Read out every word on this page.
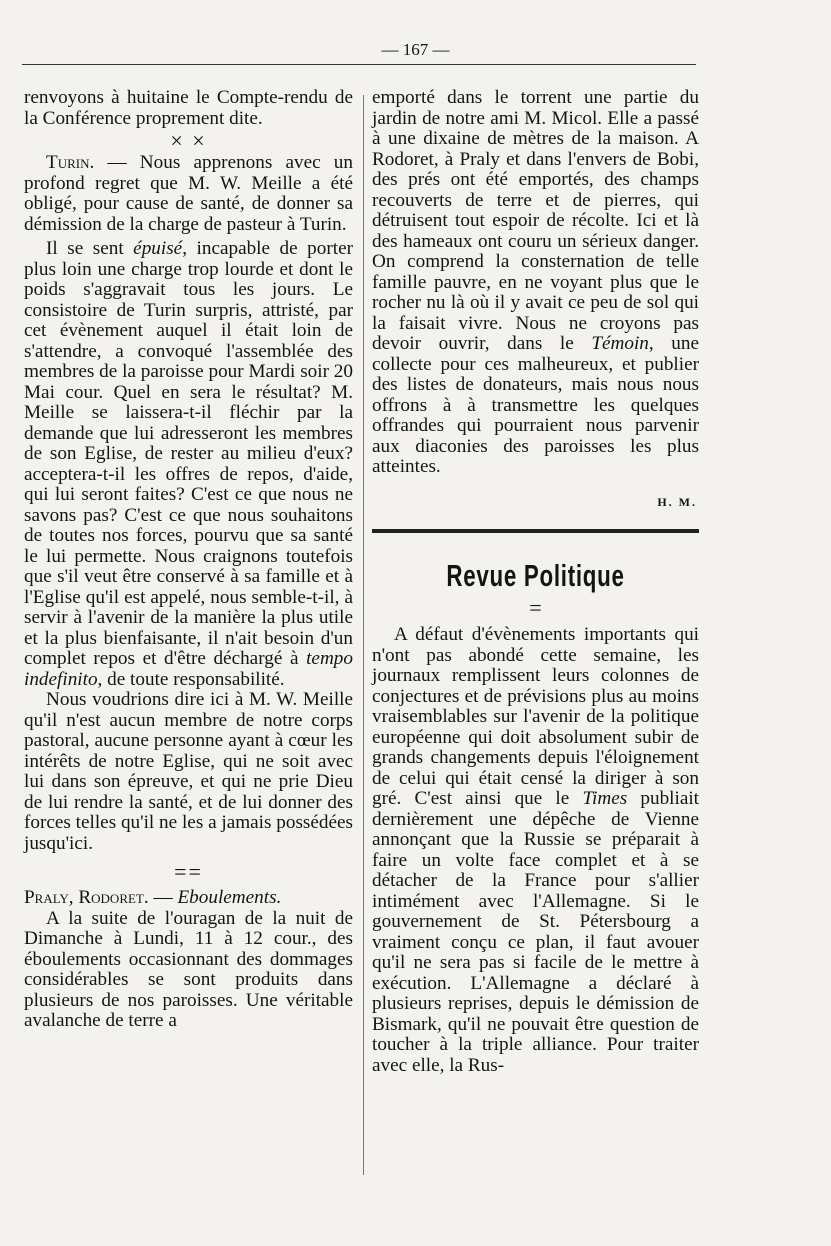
— 167 —

renvoyons à huitaine le Compte-rendu de la Conférence proprement dite.

× ×

Turin. — Nous apprenons avec un profond regret que M. W. Meille a été obligé, pour cause de santé, de donner sa démission de la charge de pasteur à Turin.

Il se sent épuisé, incapable de porter plus loin une charge trop lourde et dont le poids s'aggravait tous les jours. Le consistoire de Turin surpris, attristé, par cet évènement auquel il était loin de s'attendre, a convoqué l'assemblée des membres de la paroisse pour Mardi soir 20 Mai cour. Quel en sera le résultat? M. Meille se laissera-t-il fléchir par la demande que lui adresseront les membres de son Eglise, de rester au milieu d'eux? acceptera-t-il les offres de repos, d'aide, qui lui seront faites? C'est ce que nous ne savons pas? C'est ce que nous souhaitons de toutes nos forces, pourvu que sa santé le lui permette. Nous craignons toutefois que s'il veut être conservé à sa famille et à l'Eglise qu'il est appelé, nous semble-t-il, à servir à l'avenir de la manière la plus utile et la plus bienfaisante, il n'ait besoin d'un complet repos et d'être déchargé à tempo indefinito, de toute responsabilité.

Nous voudrions dire ici à M. W. Meille qu'il n'est aucun membre de notre corps pastoral, aucune personne ayant à cœur les intérêts de notre Eglise, qui ne soit avec lui dans son épreuve, et qui ne prie Dieu de lui rendre la santé, et de lui donner des forces telles qu'il ne les a jamais possédées jusqu'ici.

==

Praly, Rodoret. — Eboulements.

A la suite de l'ouragan de la nuit de Dimanche à Lundi, 11 à 12 cour., des éboulements occasionnant des dommages considérables se sont produits dans plusieurs de nos paroisses. Une véritable avalanche de terre a

emporté dans le torrent une partie du jardin de notre ami M. Micol. Elle a passé à une dixaine de mètres de la maison. A Rodoret, à Praly et dans l'envers de Bobi, des prés ont été emportés, des champs recouverts de terre et de pierres, qui détruisent tout espoir de récolte. Ici et là des hameaux ont couru un sérieux danger. On comprend la consternation de telle famille pauvre, en ne voyant plus que le rocher nu là où il y avait ce peu de sol qui la faisait vivre. Nous ne croyons pas devoir ouvrir, dans le Témoin, une collecte pour ces malheureux, et publier des listes de donateurs, mais nous nous offrons à à transmettre les quelques offrandes qui pourraient nous parvenir aux diaconies des paroisses les plus atteintes.

H. M.
Revue Politique
=

A défaut d'évènements importants qui n'ont pas abondé cette semaine, les journaux remplissent leurs colonnes de conjectures et de prévisions plus au moins vraisemblables sur l'avenir de la politique européenne qui doit absolument subir de grands changements depuis l'éloignement de celui qui était censé la diriger à son gré. C'est ainsi que le Times publiait dernièrement une dépêche de Vienne annonçant que la Russie se préparait à faire un volte face complet et à se détacher de la France pour s'allier intimément avec l'Allemagne. Si le gouvernement de St. Pétersbourg a vraiment conçu ce plan, il faut avouer qu'il ne sera pas si facile de le mettre à exécution. L'Allemagne a déclaré à plusieurs reprises, depuis le démission de Bismark, qu'il ne pouvait être question de toucher à la triple alliance. Pour traiter avec elle, la Rus-
